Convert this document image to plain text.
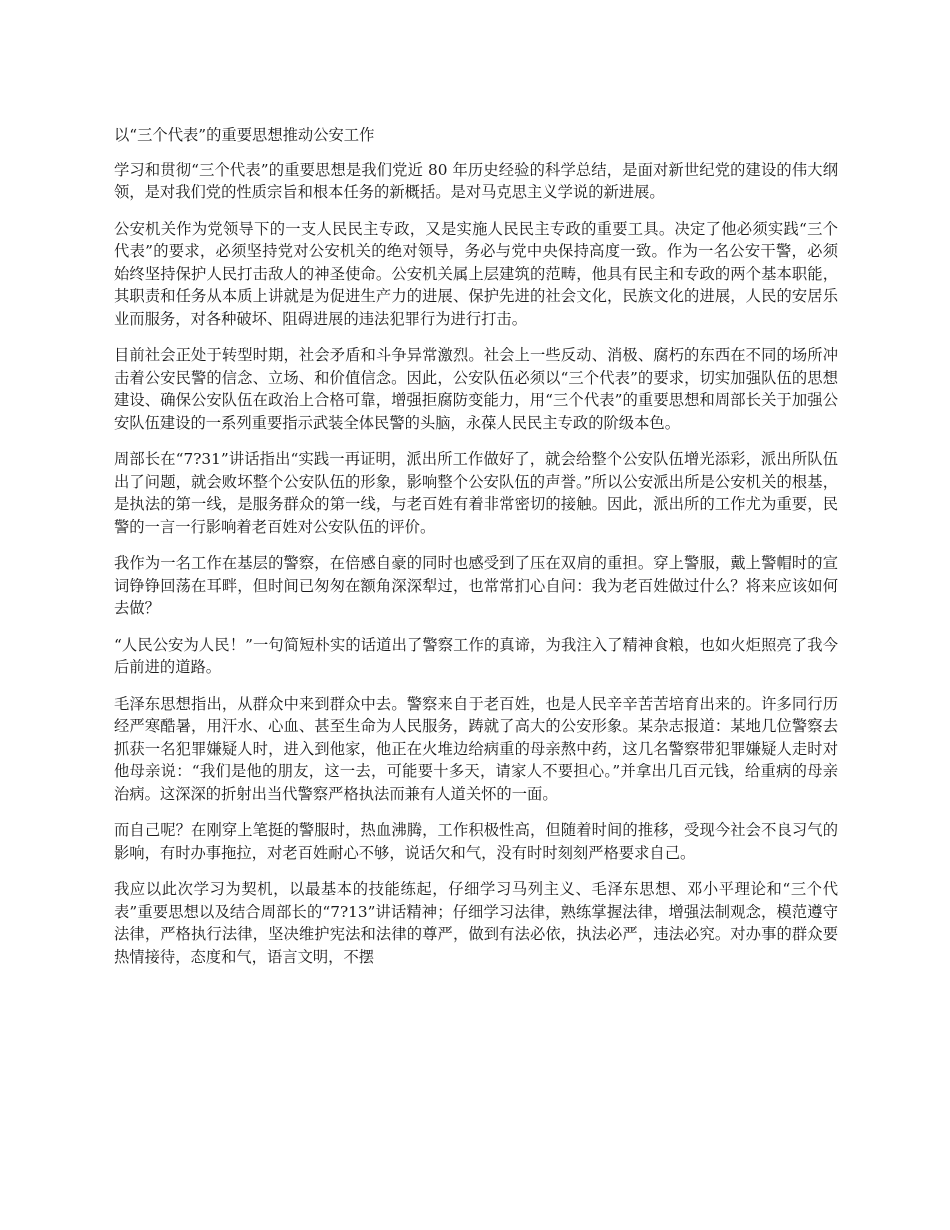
以“三个代表”的重要思想推动公安工作

学习和贯彻“三个代表”的重要思想是我们党近 80 年历史经验的科学总结，是面对新世纪党的建设的伟大纲领，是对我们党的性质宗旨和根本任务的新概括。是对马克思主义学说的新进展。

公安机关作为党领导下的一支人民民主专政，又是实施人民民主专政的重要工具。决定了他必须实践“三个代表”的要求，必须坚持党对公安机关的绝对领导，务必与党中央保持高度一致。作为一名公安干警，必须始终坚持保护人民打击敌人的神圣使命。公安机关属上层建筑的范畴，他具有民主和专政的两个基本职能，其职责和任务从本质上讲就是为促进生产力的进展、保护先进的社会文化，民族文化的进展，人民的安居乐业而服务，对各种破坏、阻碍进展的违法犯罪行为进行打击。

目前社会正处于转型时期，社会矛盾和斗争异常激烈。社会上一些反动、消极、腐朽的东西在不同的场所冲击着公安民警的信念、立场、和价值信念。因此，公安队伍必须以“三个代表”的要求，切实加强队伍的思想建设、确保公安队伍在政治上合格可靠，增强拒腐防变能力，用“三个代表”的重要思想和周部长关于加强公安队伍建设的一系列重要指示武装全体民警的头脑，永葆人民民主专政的阶级本色。

周部长在“7?31”讲话指出“实践一再证明，派出所工作做好了，就会给整个公安队伍增光添彩，派出所队伍出了问题，就会败坏整个公安队伍的形象，影响整个公安队伍的声誉。”所以公安派出所是公安机关的根基，是执法的第一线，是服务群众的第一线，与老百姓有着非常密切的接触。因此，派出所的工作尤为重要，民警的一言一行影响着老百姓对公安队伍的评价。

我作为一名工作在基层的警察，在倍感自豪的同时也感受到了压在双肩的重担。穿上警服，戴上警帽时的宣词铮铮回荡在耳畔，但时间已匆匆在额角深深犁过，也常常扪心自问：我为老百姓做过什么？将来应该如何去做？

“人民公安为人民！”一句简短朴实的话道出了警察工作的真谛，为我注入了精神食粮，也如火炬照亮了我今后前进的道路。

毛泽东思想指出，从群众中来到群众中去。警察来自于老百姓，也是人民辛辛苦苦培育出来的。许多同行历经严寒酷暑，用汗水、心血、甚至生命为人民服务，踌就了高大的公安形象。某杂志报道：某地几位警察去抓获一名犯罪嫌疑人时，进入到他家，他正在火堆边给病重的母亲熬中药，这几名警察带犯罪嫌疑人走时对他母亲说：“我们是他的朋友，这一去，可能要十多天，请家人不要担心。”并拿出几百元钱，给重病的母亲治病。这深深的折射出当代警察严格执法而兼有人道关怀的一面。

而自己呢？在刚穿上笔挺的警服时，热血沸腾，工作积极性高，但随着时间的推移，受现今社会不良习气的影响，有时办事拖拉，对老百姓耐心不够，说话欠和气，没有时时刻刻严格要求自己。

我应以此次学习为契机，以最基本的技能练起，仔细学习马列主义、毛泽东思想、邓小平理论和“三个代表”重要思想以及结合周部长的“7?13”讲话精神；仔细学习法律，熟练掌握法律，增强法制观念，模范遵守法律，严格执行法律，坚决维护宪法和法律的尊严，做到有法必依，执法必严，违法必究。对办事的群众要热情接待，态度和气，语言文明，不摆
